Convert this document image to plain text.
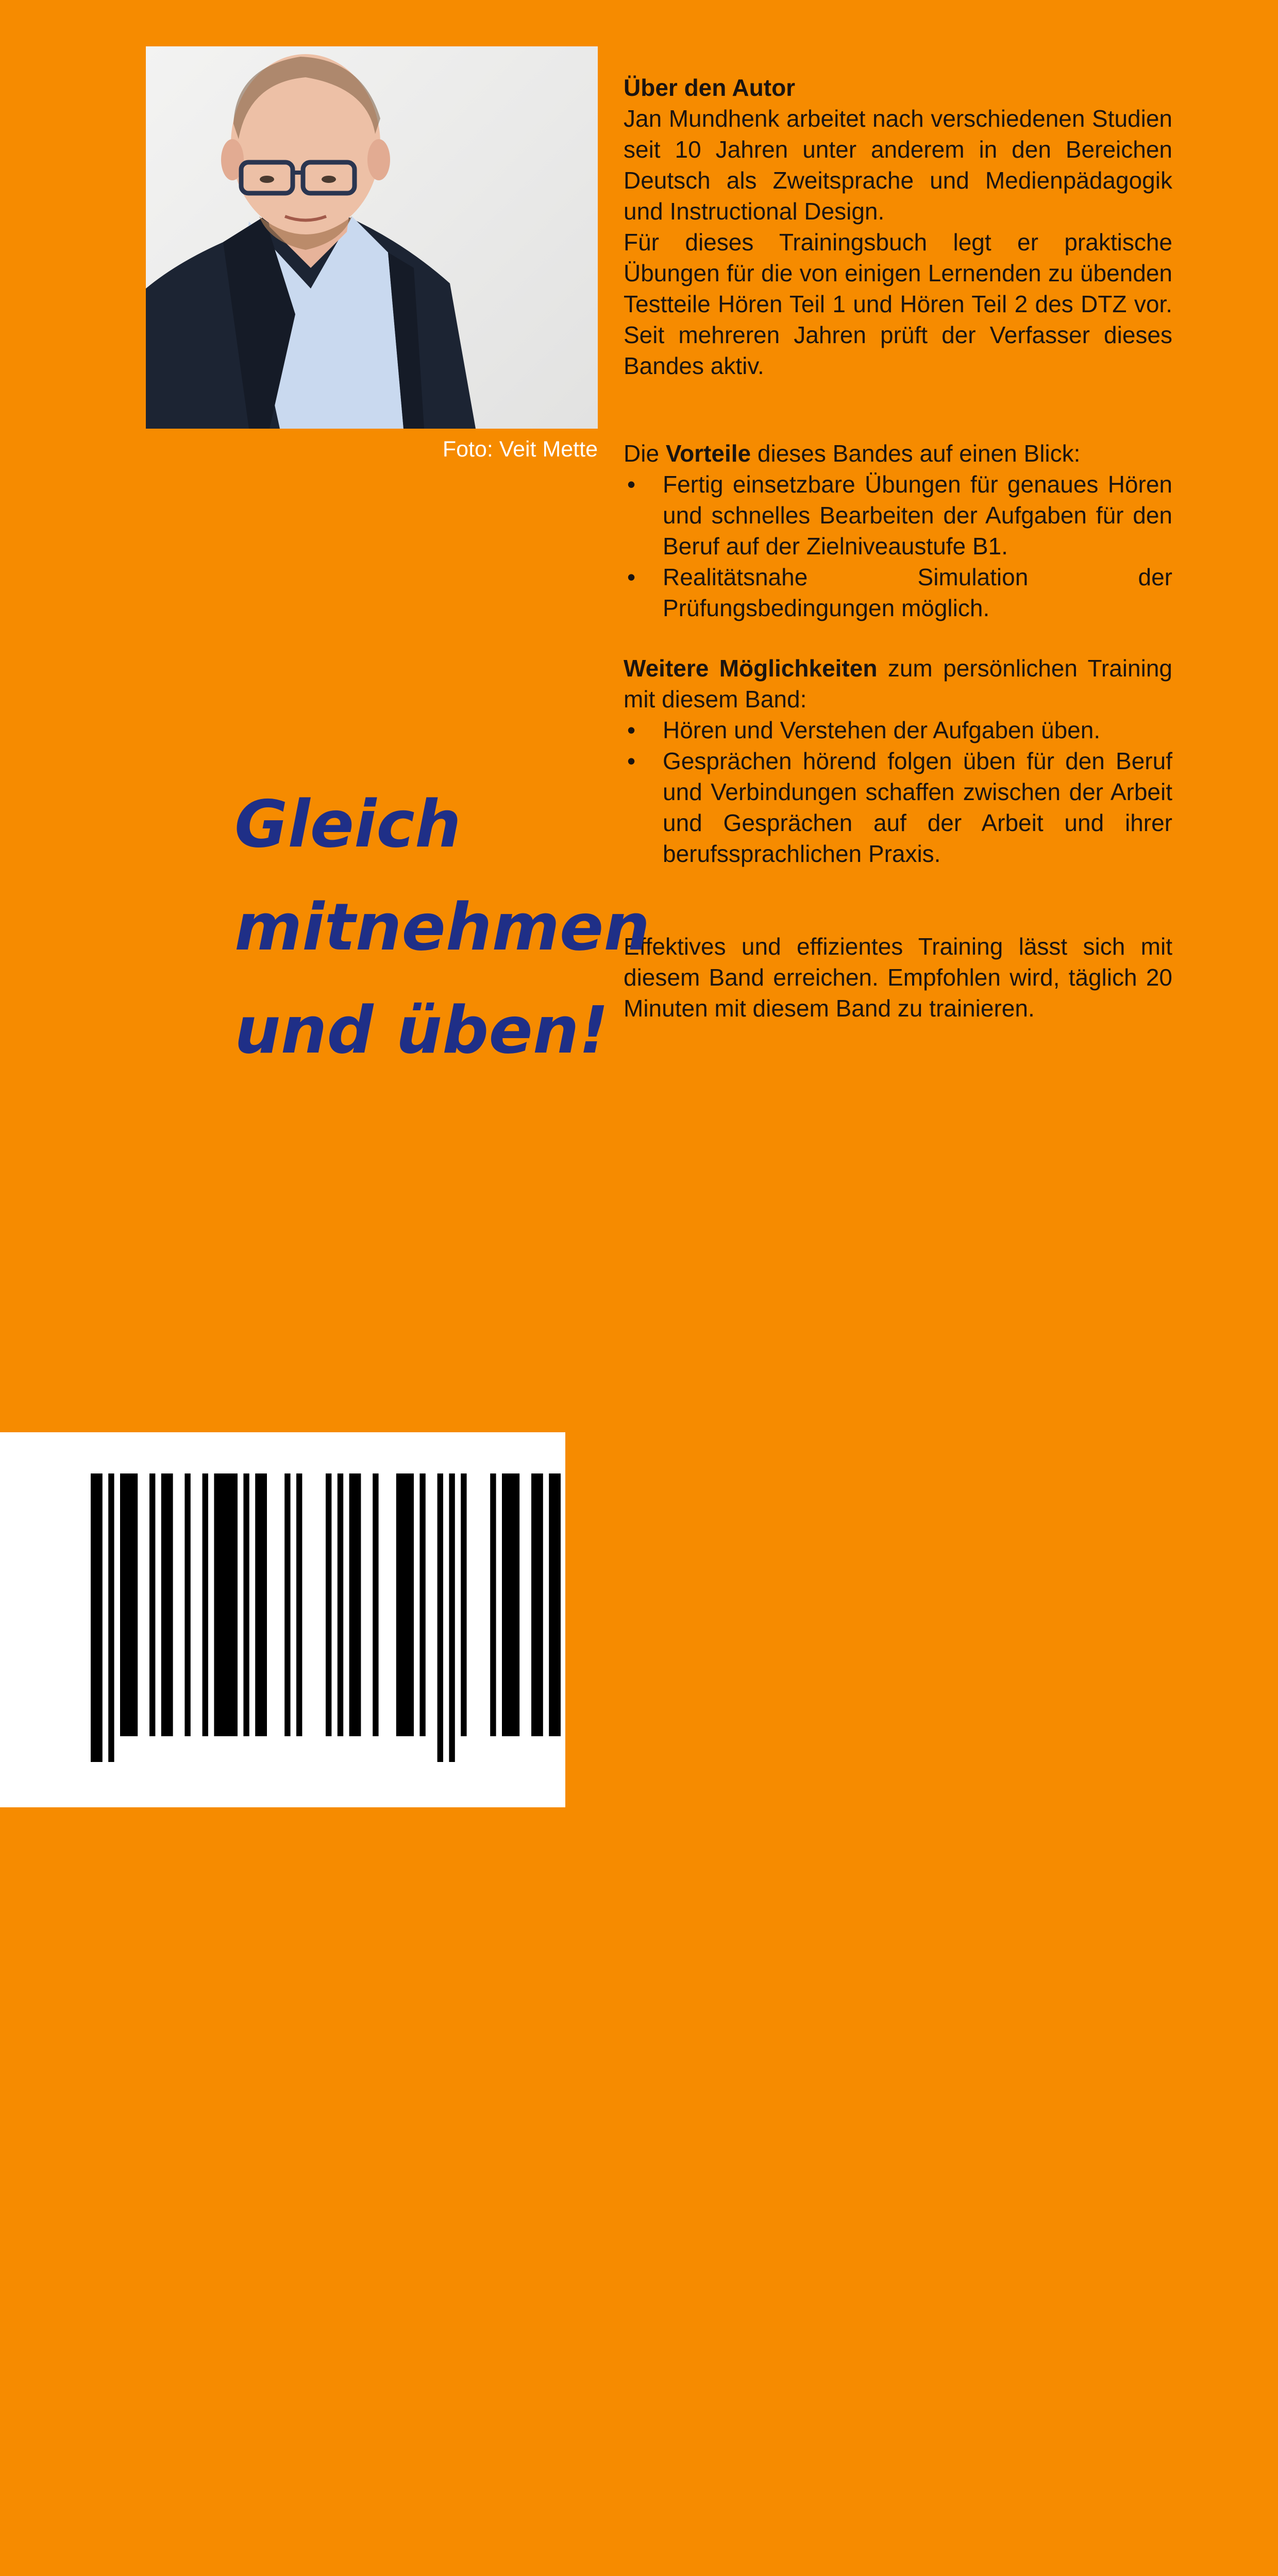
Foto: Veit Mette

Über den Autor

Jan Mundhenk arbeitet nach verschiedenen Studien seit 10 Jahren unter anderem in den Bereichen Deutsch als Zweitsprache und Medienpädagogik und Instructional Design.

Für dieses Trainingsbuch legt er praktische Übungen für die von einigen Lernenden zu übenden Testteile Hören Teil 1 und Hören Teil 2 des DTZ vor. Seit mehreren Jahren prüft der Verfasser dieses Bandes aktiv.

Die Vorteile dieses Bandes auf einen Blick:

• Fertig einsetzbare Übungen für genaues Hören und schnelles Bearbeiten der Aufgaben für den Beruf auf der Zielniveaustufe B1.
• Realitätsnahe Simulation der Prüfungsbedingungen möglich.

Weitere Möglichkeiten zum persönlichen Training mit diesem Band:

• Hören und Verstehen der Aufgaben üben.
• Gesprächen hörend folgen üben für den Beruf und Verbindungen schaffen zwischen der Arbeit und Gesprächen auf der Arbeit und ihrer berufssprachlichen Praxis.

Effektives und effizientes Training lässt sich mit diesem Band erreichen. Empfohlen wird, täglich 20 Minuten mit diesem Band zu trainieren.

Gleich
mitnehmen
und üben!
